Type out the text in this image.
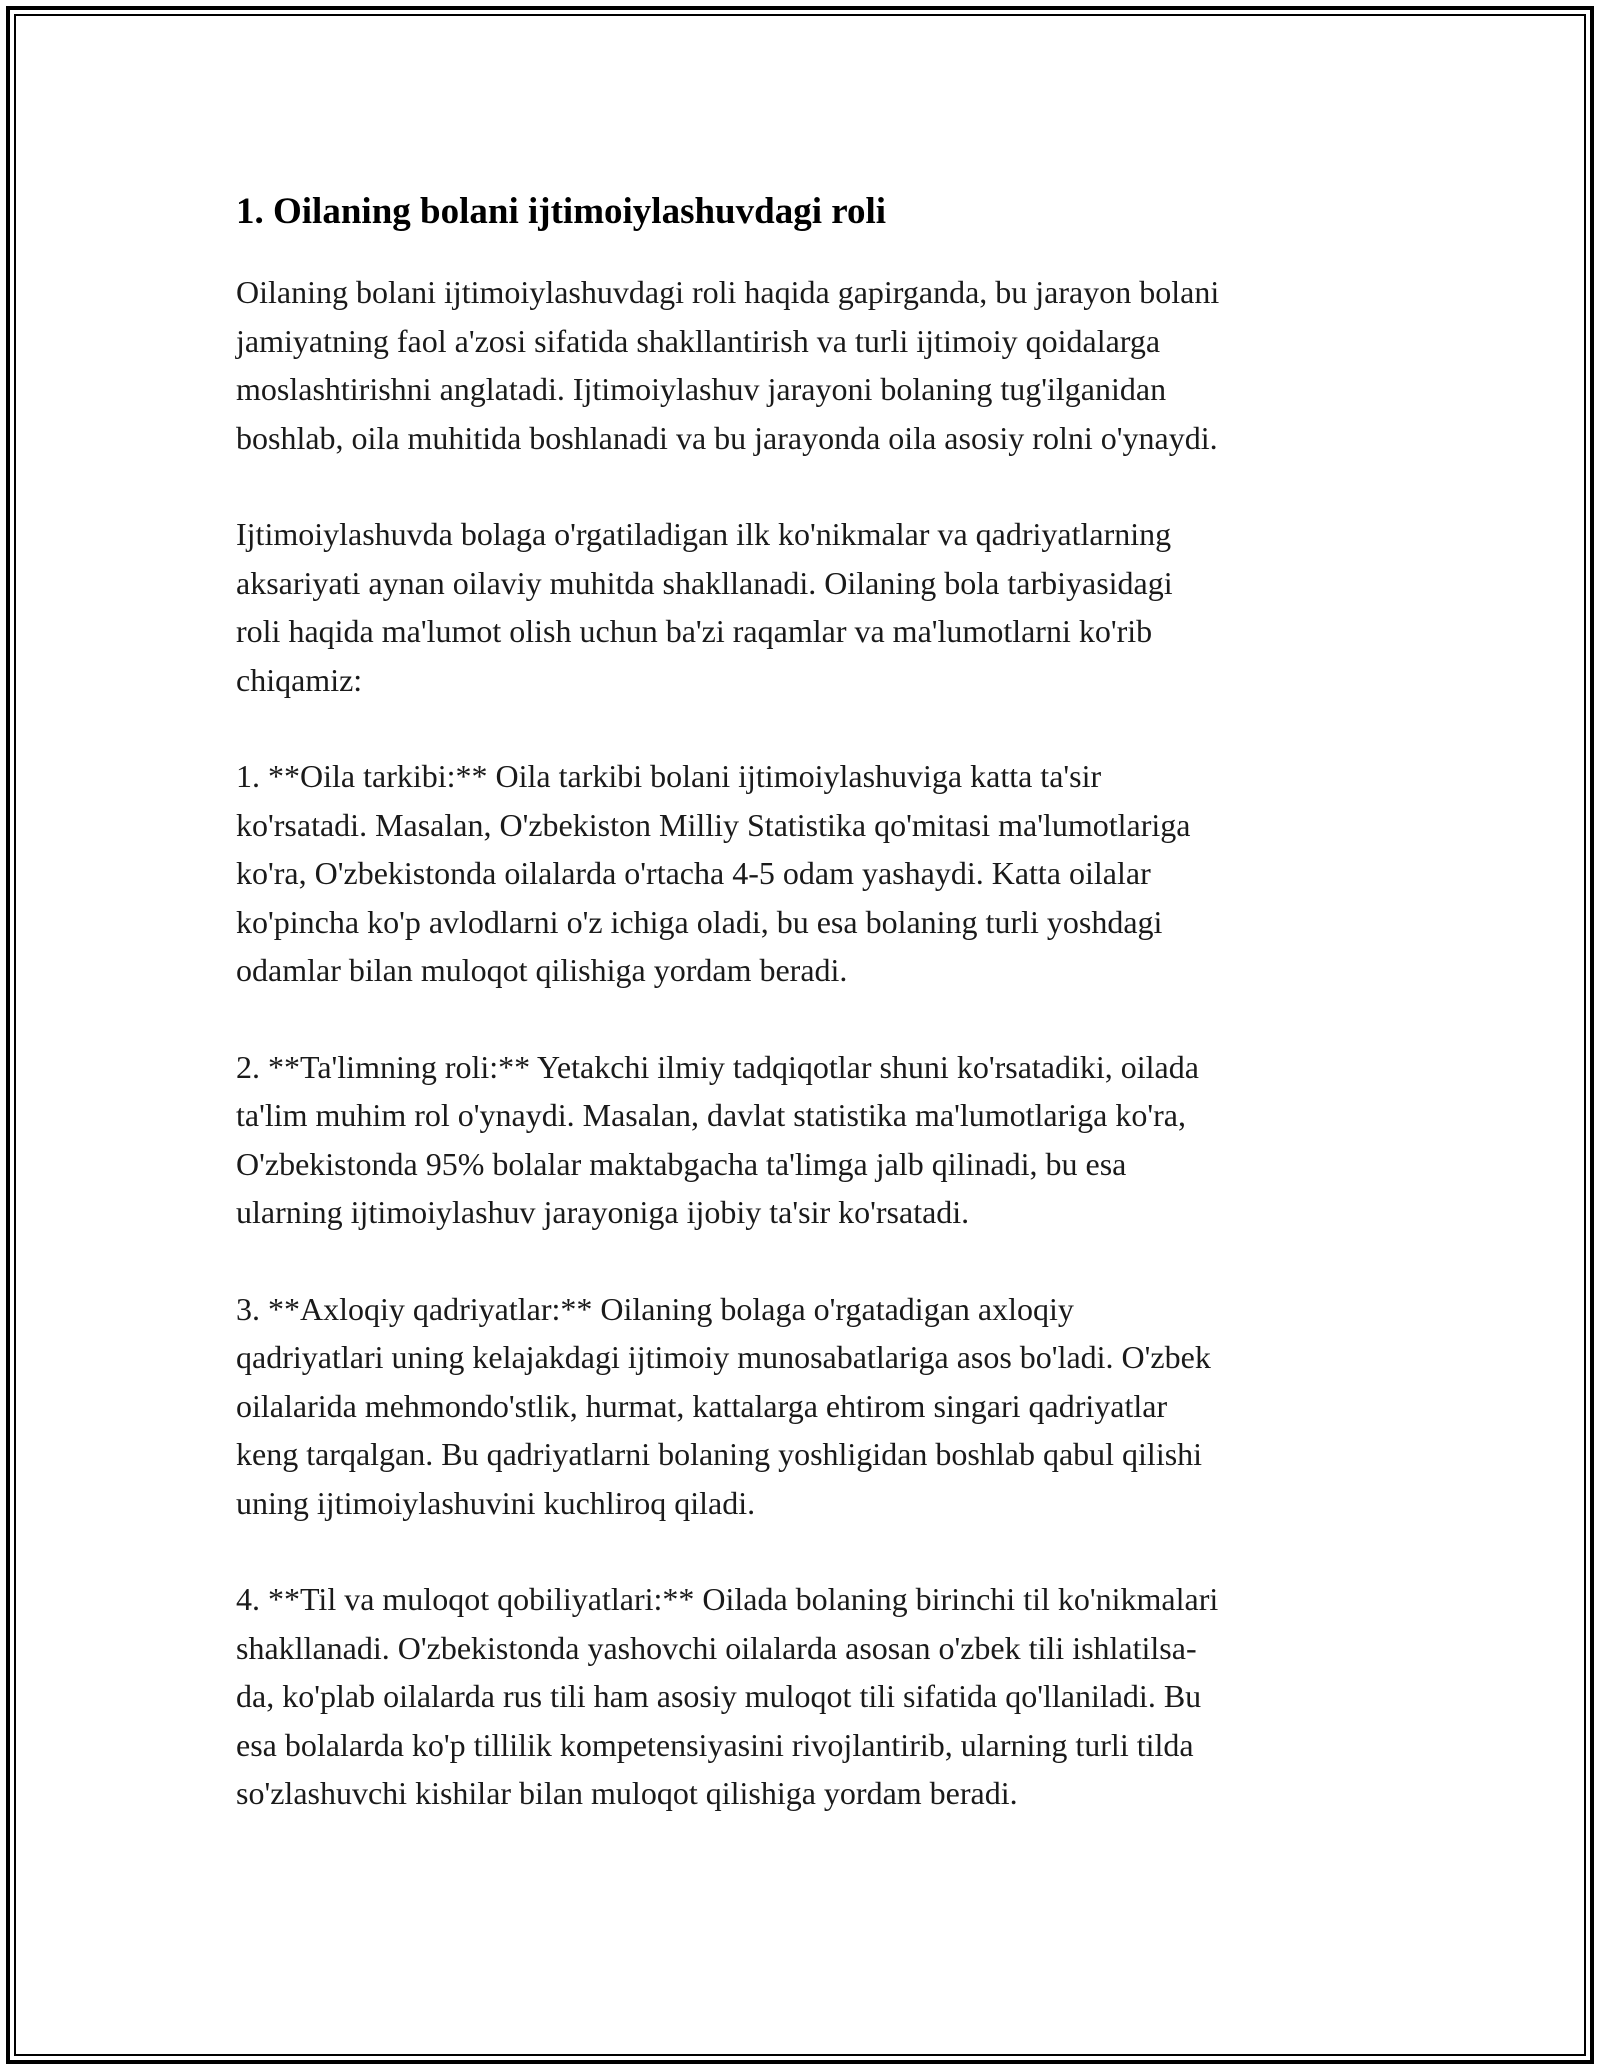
1. Oilaning bolani ijtimoiylashuvdagi roli

Oilaning bolani ijtimoiylashuvdagi roli haqida gapirganda, bu jarayon bolani
jamiyatning faol a'zosi sifatida shakllantirish va turli ijtimoiy qoidalarga
moslashtirishni anglatadi. Ijtimoiylashuv jarayoni bolaning tug'ilganidan
boshlab, oila muhitida boshlanadi va bu jarayonda oila asosiy rolni o'ynaydi.

Ijtimoiylashuvda bolaga o'rgatiladigan ilk ko'nikmalar va qadriyatlarning
aksariyati aynan oilaviy muhitda shakllanadi. Oilaning bola tarbiyasidagi
roli haqida ma'lumot olish uchun ba'zi raqamlar va ma'lumotlarni ko'rib
chiqamiz:

1. **Oila tarkibi:** Oila tarkibi bolani ijtimoiylashuviga katta ta'sir
ko'rsatadi. Masalan, O'zbekiston Milliy Statistika qo'mitasi ma'lumotlariga
ko'ra, O'zbekistonda oilalarda o'rtacha 4-5 odam yashaydi. Katta oilalar
ko'pincha ko'p avlodlarni o'z ichiga oladi, bu esa bolaning turli yoshdagi
odamlar bilan muloqot qilishiga yordam beradi.

2. **Ta'limning roli:** Yetakchi ilmiy tadqiqotlar shuni ko'rsatadiki, oilada
ta'lim muhim rol o'ynaydi. Masalan, davlat statistika ma'lumotlariga ko'ra,
O'zbekistonda 95% bolalar maktabgacha ta'limga jalb qilinadi, bu esa
ularning ijtimoiylashuv jarayoniga ijobiy ta'sir ko'rsatadi.

3. **Axloqiy qadriyatlar:** Oilaning bolaga o'rgatadigan axloqiy
qadriyatlari uning kelajakdagi ijtimoiy munosabatlariga asos bo'ladi. O'zbek
oilalarida mehmondo'stlik, hurmat, kattalarga ehtirom singari qadriyatlar
keng tarqalgan. Bu qadriyatlarni bolaning yoshligidan boshlab qabul qilishi
uning ijtimoiylashuvini kuchliroq qiladi.

4. **Til va muloqot qobiliyatlari:** Oilada bolaning birinchi til ko'nikmalari
shakllanadi. O'zbekistonda yashovchi oilalarda asosan o'zbek tili ishlatilsa-
da, ko'plab oilalarda rus tili ham asosiy muloqot tili sifatida qo'llaniladi. Bu
esa bolalarda ko'p tillilik kompetensiyasini rivojlantirib, ularning turli tilda
so'zlashuvchi kishilar bilan muloqot qilishiga yordam beradi.
